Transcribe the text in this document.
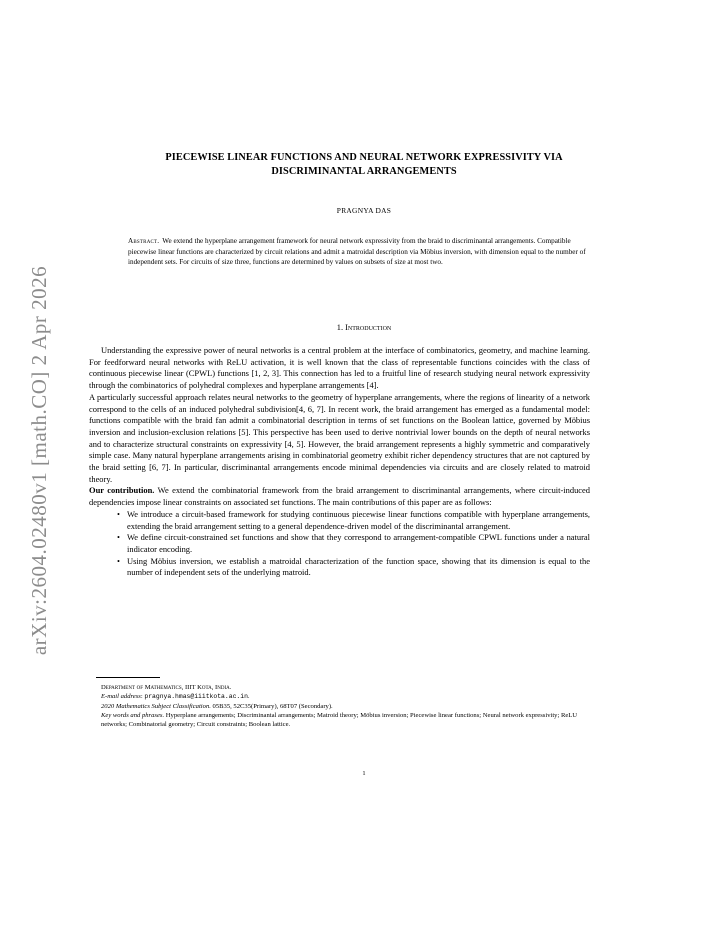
arXiv:2604.02480v1 [math.CO] 2 Apr 2026
PIECEWISE LINEAR FUNCTIONS AND NEURAL NETWORK EXPRESSIVITY VIA
DISCRIMINANTAL ARRANGEMENTS
PRAGNYA DAS
Abstract. We extend the hyperplane arrangement framework for neural network expressivity from the braid to discriminantal arrangements. Compatible piecewise linear functions are characterized by circuit relations and admit a matroidal description via Möbius inversion, with dimension equal to the number of independent sets. For circuits of size three, functions are determined by values on subsets of size at most two.
1. Introduction

Understanding the expressive power of neural networks is a central problem at the interface of combinatorics, geometry, and machine learning. For feedforward neural networks with ReLU activation, it is well known that the class of representable functions coincides with the class of continuous piecewise linear (CPWL) functions [1, 2, 3]. This connection has led to a fruitful line of research studying neural network expressivity through the combinatorics of polyhedral complexes and hyperplane arrangements [4].

A particularly successful approach relates neural networks to the geometry of hyperplane arrangements, where the regions of linearity of a network correspond to the cells of an induced polyhedral subdivision[4, 6, 7]. In recent work, the braid arrangement has emerged as a fundamental model: functions compatible with the braid fan admit a combinatorial description in terms of set functions on the Boolean lattice, governed by Möbius inversion and inclusion-exclusion relations [5]. This perspective has been used to derive nontrivial lower bounds on the depth of neural networks and to characterize structural constraints on expressivity [4, 5]. However, the braid arrangement represents a highly symmetric and comparatively simple case. Many natural hyperplane arrangements arising in combinatorial geometry exhibit richer dependency structures that are not captured by the braid setting [6, 7]. In particular, discriminantal arrangements encode minimal dependencies via circuits and are closely related to matroid theory.

Our contribution. We extend the combinatorial framework from the braid arrangement to discriminantal arrangements, where circuit-induced dependencies impose linear constraints on associated set functions. The main contributions of this paper are as follows:

• We introduce a circuit-based framework for studying continuous piecewise linear functions compatible with hyperplane arrangements, extending the braid arrangement setting to a general dependence-driven model of the discriminantal arrangement.
• We define circuit-constrained set functions and show that they correspond to arrangement-compatible CPWL functions under a natural indicator encoding.
• Using Möbius inversion, we establish a matroidal characterization of the function space, showing that its dimension is equal to the number of independent sets of the underlying matroid.

Department of Mathematics, IIIT Kota, India.

E-mail address: pragnya.hmas@iiitkota.ac.in.

2020 Mathematics Subject Classification. 05B35, 52C35(Primary), 68T07 (Secondary).

Key words and phrases. Hyperplane arrangements; Discriminantal arrangements; Matroid theory; Möbius inversion; Piecewise linear functions; Neural network expressivity; ReLU networks; Combinatorial geometry; Circuit constraints; Boolean lattice.

1
